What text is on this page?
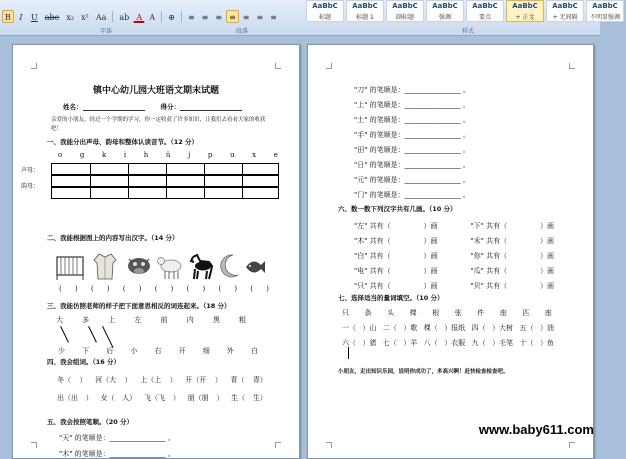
B	I	U abe x₂ x² Aa	ab A A	⊕	≡ ≡ ≡ ≡ ≡ ≡ ≡
字体	段落	样式
AaBbC
标题
AaBbC
标题 1
AaBbC
副标题
AaBbC
强调
AaBbC
要点
AaBbC
+ 正文
AaBbC
+ 无间隔
AaBbC
不明显强调
镇中心幼儿园大班语文期末试题
姓名：	得分：
亲爱的小朋友，经过一个学期的学习，你一定收获了许多知识，让我们去看看大家的收获吧！
一、我能分出声母、韵母和整体认读音节。（12 分）
o	g	k	i	h	ü	j	p	u	x	e
声母：
韵母：
二、我能根据图上的内容写出汉字。（14 分）
( ) ( ) ( ) ( ) ( ) ( ) ( )
三、我能仿照老师的样子把下面意思相反的词连起来。（18 分）
大	多	上	左	前	内	黑	粗
少 下 后 小 右 开 细 外 白
四、我会组词。（16 分）
冬（ ） 河（大 ） 上（上 ） 开（开 ） 青（ 青）
出（出 ） 女（ 人） 飞（飞 ） 朋（朋 ） 生（ 生）
五、我会按照笔顺。（20 分）
"天" 的笔顺是：________________ 。
"木" 的笔顺是：________________ 。
"刀" 的笔顺是：________________ 。
"上" 的笔顺是：________________ 。
"土" 的笔顺是：________________ 。
"手" 的笔顺是：________________ 。
"田" 的笔顺是：________________ 。
"日" 的笔顺是：________________ 。
"元" 的笔顺是：________________ 。
"门" 的笔顺是：________________ 。
六、数一数下列汉字共有几画。（10 分）
"左" 共有（	）画	"下" 共有（	）画
"木" 共有（	）画	"禾" 共有（	）画
"白" 共有（	）画	"你" 共有（	）画
"电" 共有（	）画	"瓜" 共有（	）画
"只" 共有（	）画	"贝" 共有（	）画
七、选择适当的量词填空。（10 分）
只 条 头 棵 根 张 件 座 匹 座
一（ ）山 二（ ）歌 棵（ ）报纸 四（ ）大树 五（ ）油
六（ ）猪 七（ ）羊 八（ ）衣服 九（ ）毛笔 十（ ）鱼
小朋友，走出知识乐园，说明你成功了，多高兴啊！赶快检查检查吧。
www.baby611.com
